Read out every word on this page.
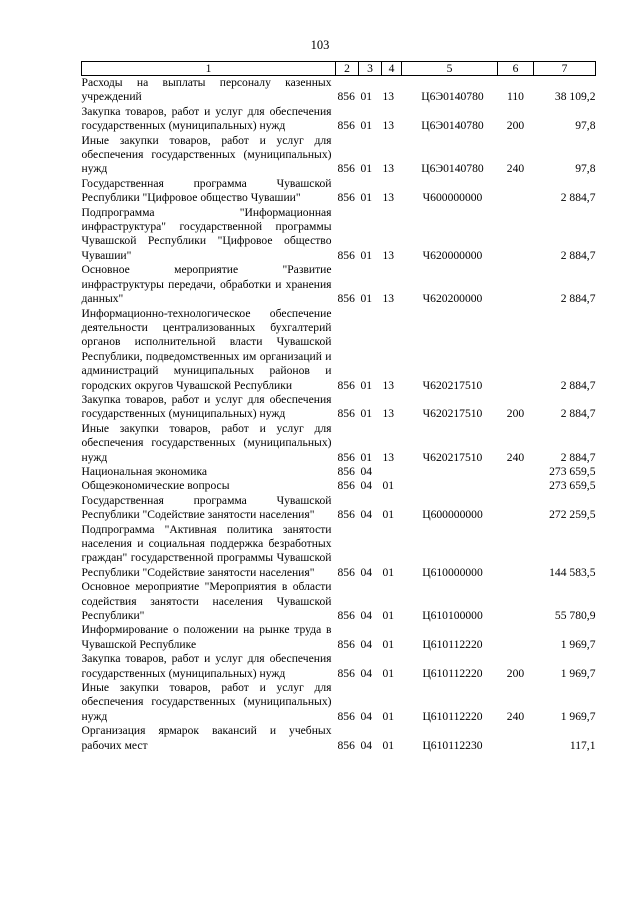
103
1	2	3	4	5	6	7
Расходы на выплаты персоналу казенных учреждений	856	01	13	Ц6Э0140780	110	38 109,2
Закупка товаров, работ и услуг для обеспечения государственных (муниципальных) нужд	856	01	13	Ц6Э0140780	200	97,8
Иные закупки товаров, работ и услуг для обеспечения государственных (муниципальных) нужд	856	01	13	Ц6Э0140780	240	97,8
Государственная программа Чувашской Республики "Цифровое общество Чувашии"	856	01	13	Ч600000000		2 884,7
Подпрограмма "Информационная инфраструктура" государственной программы Чувашской Республики "Цифровое общество Чувашии"	856	01	13	Ч620000000		2 884,7
Основное мероприятие "Развитие инфраструктуры передачи, обработки и хранения данных"	856	01	13	Ч620200000		2 884,7
Информационно-технологическое обеспечение деятельности централизованных бухгалтерий органов исполнительной власти Чувашской Республики, подведомственных им организаций и администраций муниципальных районов и городских округов Чувашской Республики	856	01	13	Ч620217510		2 884,7
Закупка товаров, работ и услуг для обеспечения государственных (муниципальных) нужд	856	01	13	Ч620217510	200	2 884,7
Иные закупки товаров, работ и услуг для обеспечения государственных (муниципальных) нужд	856	01	13	Ч620217510	240	2 884,7
Национальная экономика	856	04				273 659,5
Общеэкономические вопросы	856	04	01			273 659,5
Государственная программа Чувашской Республики "Содействие занятости населения"	856	04	01	Ц600000000		272 259,5
Подпрограмма "Активная политика занятости населения и социальная поддержка безработных граждан" государственной программы Чувашской Республики "Содействие занятости населения"	856	04	01	Ц610000000		144 583,5
Основное мероприятие "Мероприятия в области содействия занятости населения Чувашской Республики"	856	04	01	Ц610100000		55 780,9
Информирование о положении на рынке труда в Чувашской Республике	856	04	01	Ц610112220		1 969,7
Закупка товаров, работ и услуг для обеспечения государственных (муниципальных) нужд	856	04	01	Ц610112220	200	1 969,7
Иные закупки товаров, работ и услуг для обеспечения государственных (муниципальных) нужд	856	04	01	Ц610112220	240	1 969,7
Организация ярмарок вакансий и учебных рабочих мест	856	04	01	Ц610112230		117,1
